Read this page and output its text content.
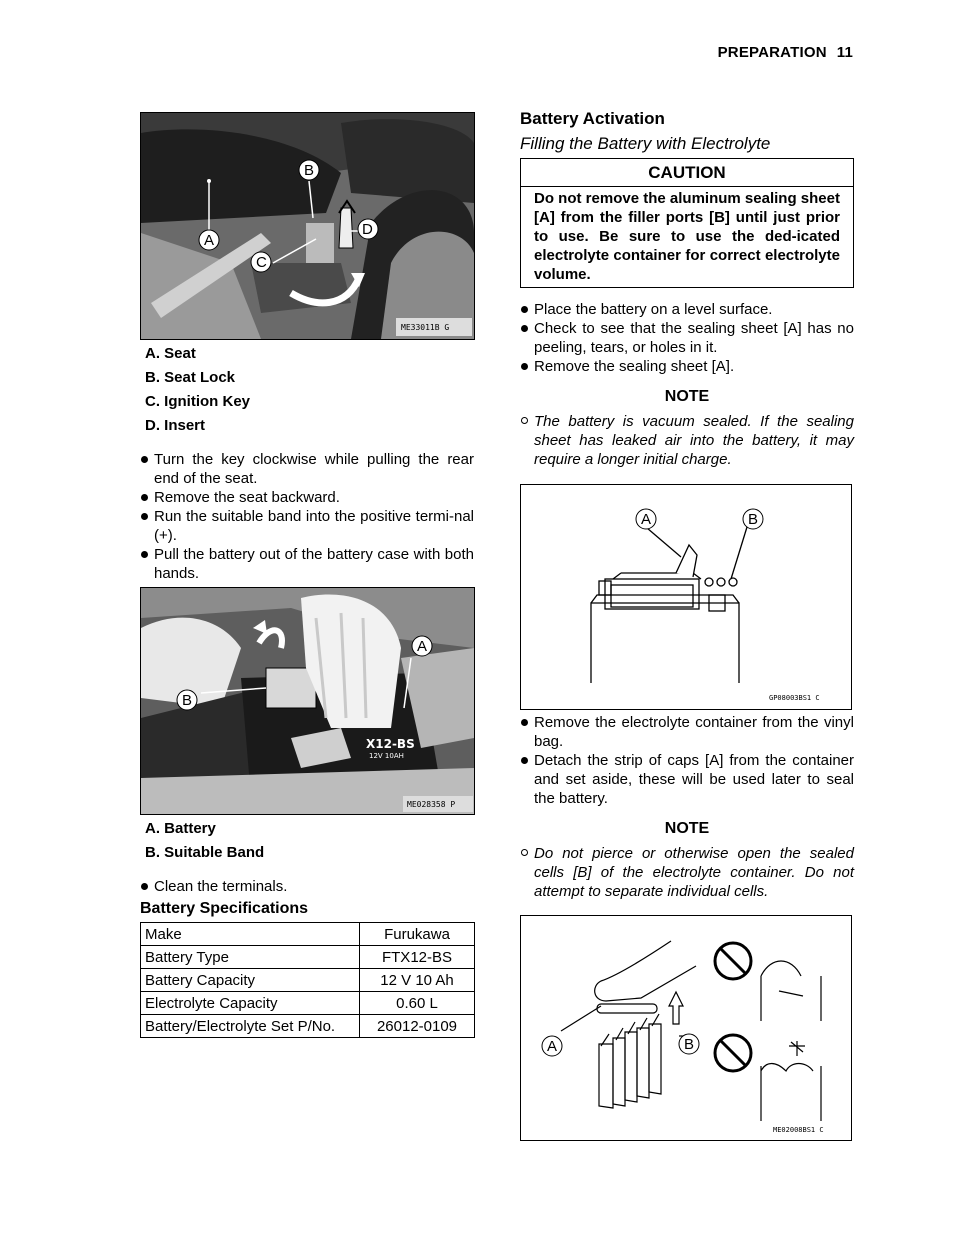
PREPARATION 11
B
A
C
D
ME33011B G
A. Seat
B. Seat Lock
C. Ignition Key
D. Insert
Turn the key clockwise while pulling the rear end of the seat.
Remove the seat backward.
Run the suitable band into the positive termi-nal (+).
Pull the battery out of the battery case with both hands.
A
B
X12-BS
12V 10AH
ME028358 P
A. Battery
B. Suitable Band
Clean the terminals.
Battery Specifications
Make	Furukawa
Battery Type	FTX12-BS
Battery Capacity	12 V 10 Ah
Electrolyte Capacity	0.60 L
Battery/Electrolyte Set P/No.	26012-0109
Battery Activation
Filling the Battery with Electrolyte
CAUTION
Do not remove the aluminum sealing sheet [A] from the filler ports [B] until just prior to use. Be sure to use the ded-icated electrolyte container for correct electrolyte volume.
Place the battery on a level surface.
Check to see that the sealing sheet [A] has no peeling, tears, or holes in it.
Remove the sealing sheet [A].
NOTE
The battery is vacuum sealed. If the sealing sheet has leaked air into the battery, it may require a longer initial charge.
A	B
GP08003BS1 C
Remove the electrolyte container from the vinyl bag.
Detach the strip of caps [A] from the container and set aside, these will be used later to seal the battery.
NOTE
Do not pierce or otherwise open the sealed cells [B] of the electrolyte container. Do not attempt to separate individual cells.
A	B
ME02008BS1 C
